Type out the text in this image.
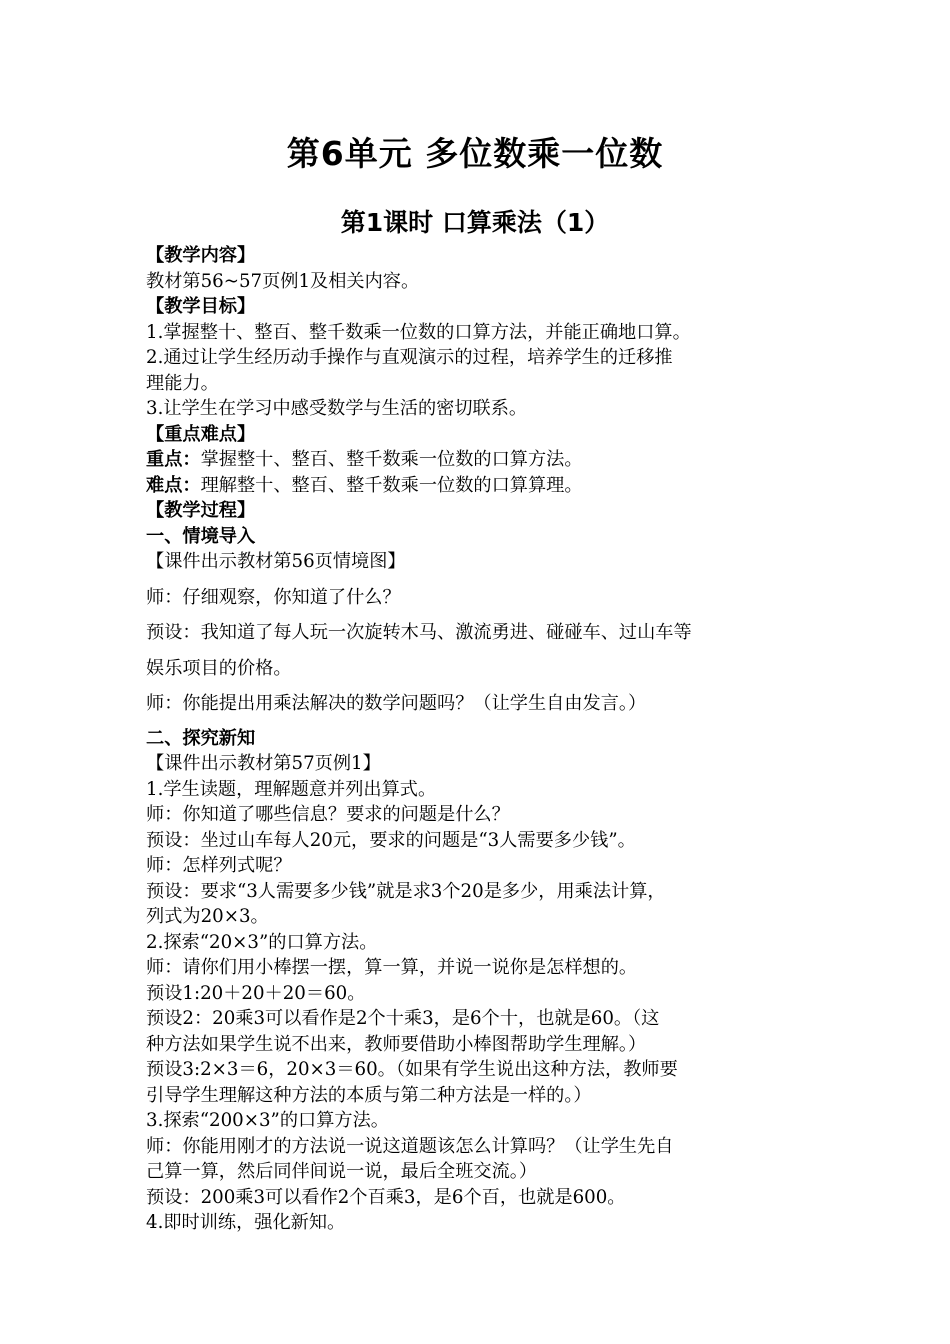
第6单元 多位数乘一位数
第1课时 口算乘法（1）

【教学内容】

教材第56~57页例1及相关内容。

【教学目标】

1.掌握整十、整百、整千数乘一位数的口算方法，并能正确地口算。

2.通过让学生经历动手操作与直观演示的过程，培养学生的迁移推

理能力。

3.让学生在学习中感受数学与生活的密切联系。

【重点难点】

重点：掌握整十、整百、整千数乘一位数的口算方法。

难点：理解整十、整百、整千数乘一位数的口算算理。

【教学过程】

一、情境导入

【课件出示教材第56页情境图】

师：仔细观察，你知道了什么？

预设：我知道了每人玩一次旋转木马、激流勇进、碰碰车、过山车等

娱乐项目的价格。

师：你能提出用乘法解决的数学问题吗？（让学生自由发言。）

二、探究新知

【课件出示教材第57页例1】

1.学生读题，理解题意并列出算式。

师：你知道了哪些信息？要求的问题是什么？

预设：坐过山车每人20元，要求的问题是“3人需要多少钱”。

师：怎样列式呢？

预设：要求“3人需要多少钱”就是求3个20是多少，用乘法计算，

列式为20×3。

2.探索“20×3”的口算方法。

师：请你们用小棒摆一摆，算一算，并说一说你是怎样想的。

预设1:20＋20＋20＝60。

预设2：20乘3可以看作是2个十乘3，是6个十，也就是60。（这

种方法如果学生说不出来，教师要借助小棒图帮助学生理解。）

预设3:2×3＝6，20×3＝60。（如果有学生说出这种方法，教师要

引导学生理解这种方法的本质与第二种方法是一样的。）

3.探索“200×3”的口算方法。

师：你能用刚才的方法说一说这道题该怎么计算吗？（让学生先自

己算一算，然后同伴间说一说，最后全班交流。）

预设：200乘3可以看作2个百乘3，是6个百，也就是600。

4.即时训练，强化新知。
